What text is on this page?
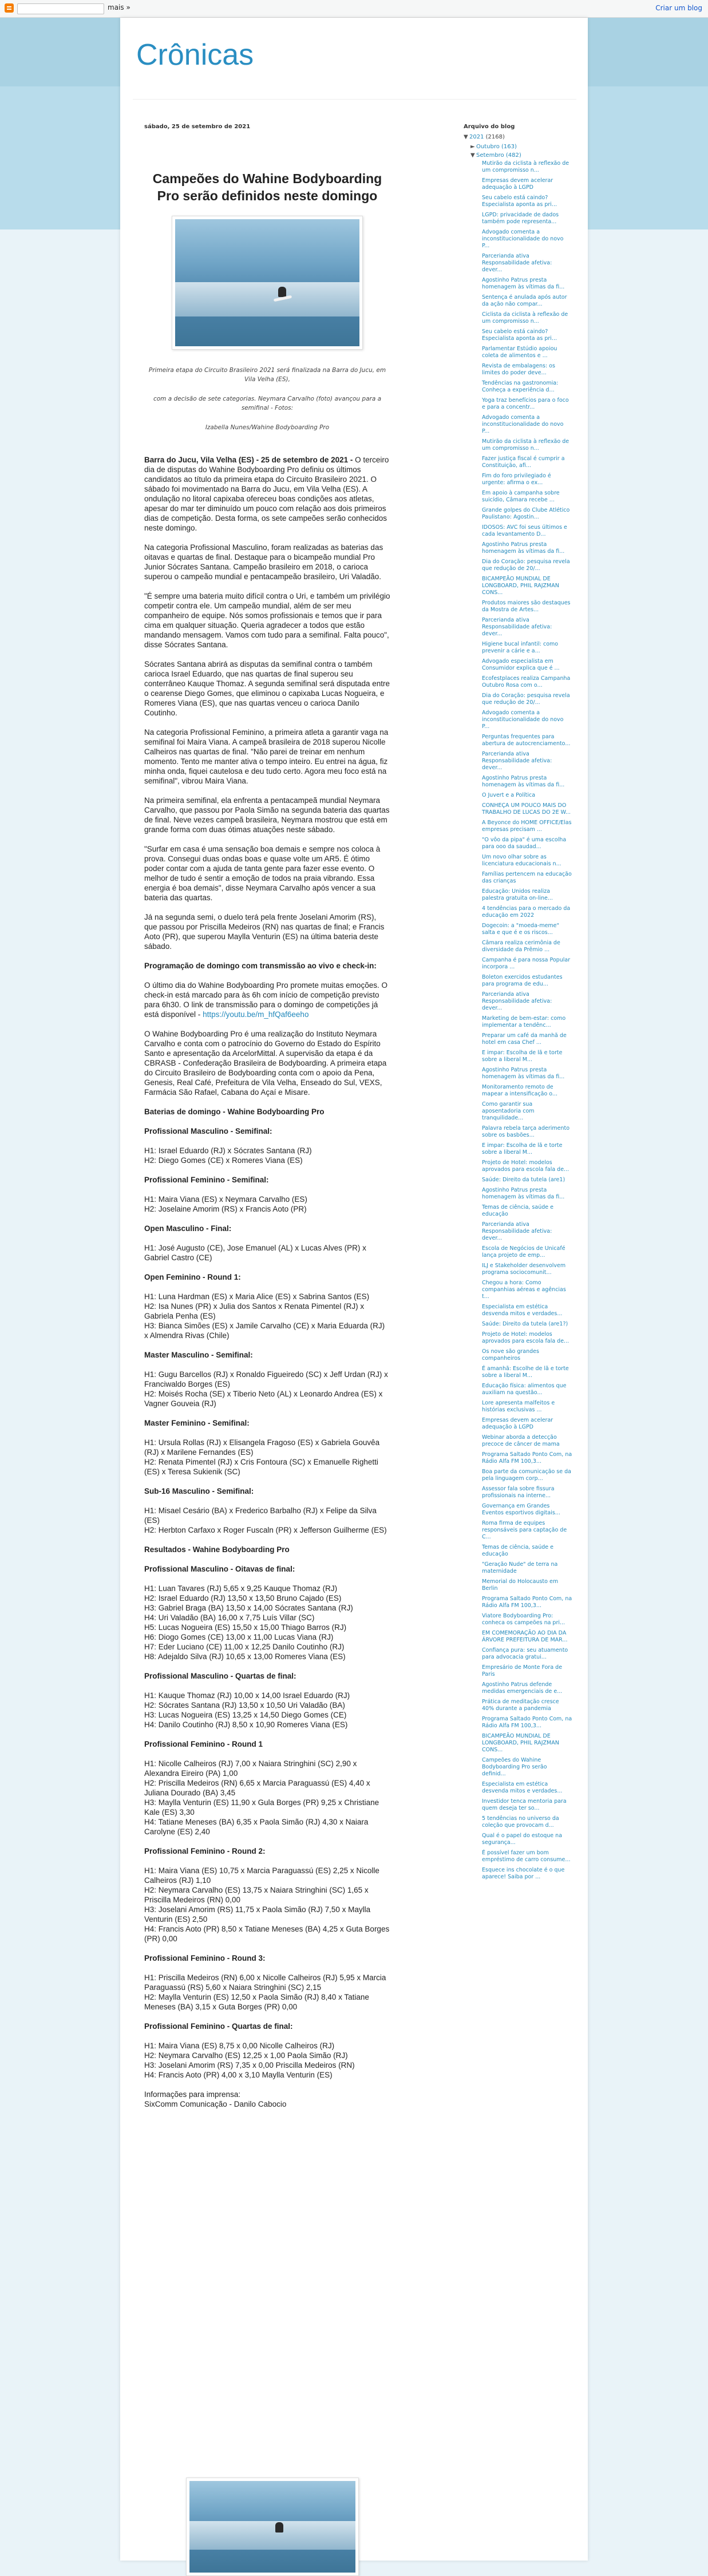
mais »	Criar um blog
Crônicas
sábado, 25 de setembro de 2021
Campeões do Wahine Bodyboarding Pro serão definidos neste domingo

Primeira etapa do Circuito Brasileiro 2021 será finalizada na Barra do Jucu, em Vila Velha (ES),

com a decisão de sete categorias. Neymara Carvalho (foto) avançou para a semifinal - Fotos:

Izabella Nunes/Wahine Bodyboarding Pro

Barra do Jucu, Vila Velha (ES) - 25 de setembro de 2021 - O terceiro dia de disputas do Wahine Bodyboarding Pro definiu os últimos candidatos ao título da primeira etapa do Circuito Brasileiro 2021. O sábado foi movimentado na Barra do Jucu, em Vila Velha (ES). A ondulação no litoral capixaba ofereceu boas condições aos atletas, apesar do mar ter diminuído um pouco com relação aos dois primeiros dias de competição. Desta forma, os sete campeões serão conhecidos neste domingo.

Na categoria Profissional Masculino, foram realizadas as baterias das oitavas e quartas de final. Destaque para o bicampeão mundial Pro Junior Sócrates Santana. Campeão brasileiro em 2018, o carioca superou o campeão mundial e pentacampeão brasileiro, Uri Valadão.

"É sempre uma bateria muito difícil contra o Uri, e também um privilégio competir contra ele. Um campeão mundial, além de ser meu companheiro de equipe. Nós somos profissionais e temos que ir para cima em qualquer situação. Queria agradecer a todos que estão mandando mensagem. Vamos com tudo para a semifinal. Falta pouco", disse Sócrates Santana.

Sócrates Santana abrirá as disputas da semifinal contra o também carioca Israel Eduardo, que nas quartas de final superou seu conterrâneo Kauque Thomaz. A segunda semifinal será disputada entre o cearense Diego Gomes, que eliminou o capixaba Lucas Nogueira, e Romeres Viana (ES), que nas quartas venceu o carioca Danilo Coutinho.

Na categoria Profissional Feminino, a primeira atleta a garantir vaga na semifinal foi Maira Viana. A campeã brasileira de 2018 superou Nicolle Calheiros nas quartas de final. "Não parei de treinar em nenhum momento. Tento me manter ativa o tempo inteiro. Eu entrei na água, fiz minha onda, fiquei cautelosa e deu tudo certo. Agora meu foco está na semifinal", vibrou Maira Viana.

Na primeira semifinal, ela enfrenta a pentacampeã mundial Neymara Carvalho, que passou por Paola Simão na segunda bateria das quartas de final. Neve vezes campeã brasileira, Neymara mostrou que está em grande forma com duas ótimas atuações neste sábado.

"Surfar em casa é uma sensação boa demais e sempre nos coloca à prova. Consegui duas ondas boas e quase volte um AR5. É ótimo poder contar com a ajuda de tanta gente para fazer esse evento. O melhor de tudo é sentir a emoção de todos na praia vibrando. Essa energia é boa demais", disse Neymara Carvalho após vencer a sua bateria das quartas.

Já na segunda semi, o duelo terá pela frente Joselani Amorim (RS), que passou por Priscilla Medeiros (RN) nas quartas de final; e Francis Aoto (PR), que superou Maylla Venturin (ES) na última bateria deste sábado.

Programação de domingo com transmissão ao vivo e check-in:

O último dia do Wahine Bodyboarding Pro promete muitas emoções. O check-in está marcado para às 6h com início de competição previsto para 6h30. O link de transmissão para o domingo de competições já está disponível - https://youtu.be/m_hfQaf6eeho

O Wahine Bodyboarding Pro é uma realização do Instituto Neymara Carvalho e conta com o patrocínio do Governo do Estado do Espírito Santo e apresentação da ArcelorMittal. A supervisão da etapa é da CBRASB - Confederação Brasileira de Bodyboarding. A primeira etapa do Circuito Brasileiro de Bodyboarding conta com o apoio da Pena, Genesis, Real Café, Prefeitura de Vila Velha, Enseado do Sul, VEXS, Farmácia São Rafael, Cabana do Açaí e Misare.

Baterias de domingo - Wahine Bodyboarding Pro

Profissional Masculino - Semifinal:

H1: Israel Eduardo (RJ) x Sócrates Santana (RJ)
H2: Diego Gomes (CE) x Romeres Viana (ES)

Profissional Feminino - Semifinal:

H1: Maira Viana (ES) x Neymara Carvalho (ES)
H2: Joselaine Amorim (RS) x Francis Aoto (PR)

Open Masculino - Final:

H1: José Augusto (CE), Jose Emanuel (AL) x Lucas Alves (PR) x Gabriel Castro (CE)

Open Feminino - Round 1:

H1: Luna Hardman (ES) x Maria Alice (ES) x Sabrina Santos (ES)
H2: Isa Nunes (PR) x Julia dos Santos x Renata Pimentel (RJ) x Gabriela Penha (ES)
H3: Bianca Simões (ES) x Jamile Carvalho (CE) x Maria Eduarda (RJ) x Almendra Rivas (Chile)

Master Masculino - Semifinal:

H1: Gugu Barcellos (RJ) x Ronaldo Figueiredo (SC) x Jeff Urdan (RJ) x Franciwaldo Borges (ES)
H2: Moisés Rocha (SE) x Tiberio Neto (AL) x Leonardo Andrea (ES) x Vagner Gouveia (RJ)

Master Feminino - Semifinal:

H1: Ursula Rollas (RJ) x Elisangela Fragoso (ES) x Gabriela Gouvêa (RJ) x Marilene Fernandes (ES)
H2: Renata Pimentel (RJ) x Cris Fontoura (SC) x Emanuelle Righetti (ES) x Teresa Sukienik (SC)

Sub-16 Masculino - Semifinal:

H1: Misael Cesário (BA) x Frederico Barbalho (RJ) x Felipe da Silva (ES)
H2: Herbton Carfaxo x Roger Fuscaln (PR) x Jefferson Guilherme (ES)

Resultados - Wahine Bodyboarding Pro

Profissional Masculino - Oitavas de final:

H1: Luan Tavares (RJ) 5,65 x 9,25 Kauque Thomaz (RJ)
H2: Israel Eduardo (RJ) 13,50 x 13,50 Bruno Cajado (ES)
H3: Gabriel Braga (BA) 13,50 x 14,00 Sócrates Santana (RJ)
H4: Uri Valadão (BA) 16,00 x 7,75 Luís Villar (SC)
H5: Lucas Nogueira (ES) 15,50 x 15,00 Thiago Barros (RJ)
H6: Diogo Gomes (CE) 13,00 x 11,00 Lucas Viana (RJ)
H7: Eder Luciano (CE) 11,00 x 12,25 Danilo Coutinho (RJ)
H8: Adejaldo Silva (RJ) 10,65 x 13,00 Romeres Viana (ES)

Profissional Masculino - Quartas de final:

H1: Kauque Thomaz (RJ) 10,00 x 14,00 Israel Eduardo (RJ)
H2: Sócrates Santana (RJ) 13,50 x 10,50 Uri Valadão (BA)
H3: Lucas Nogueira (ES) 13,25 x 14,50 Diego Gomes (CE)
H4: Danilo Coutinho (RJ) 8,50 x 10,90 Romeres Viana (ES)

Profissional Feminino - Round 1

H1: Nicolle Calheiros (RJ) 7,00 x Naiara Stringhini (SC) 2,90 x Alexandra Eireiro (PA) 1,00
H2: Priscilla Medeiros (RN) 6,65 x Marcia Paraguassú (ES) 4,40 x Juliana Dourado (BA) 3,45
H3: Maylla Venturin (ES) 11,90 x Gula Borges (PR) 9,25 x Christiane Kale (ES) 3,30
H4: Tatiane Meneses (BA) 6,35 x Paola Simão (RJ) 4,30 x Naiara Carolyne (ES) 2,40

Profissional Feminino - Round 2:

H1: Maira Viana (ES) 10,75 x Marcia Paraguassú (ES) 2,25 x Nicolle Calheiros (RJ) 1,10
H2: Neymara Carvalho (ES) 13,75 x Naiara Stringhini (SC) 1,65 x Priscilla Medeiros (RN) 0,00
H3: Joselani Amorim (RS) 11,75 x Paola Simão (RJ) 7,50 x Maylla Venturin (ES) 2,50
H4: Francis Aoto (PR) 8,50 x Tatiane Meneses (BA) 4,25 x Guta Borges (PR) 0,00

Profissional Feminino - Round 3:

H1: Priscilla Medeiros (RN) 6,00 x Nicolle Calheiros (RJ) 5,95 x Marcia Paraguassú (RS) 5,60 x Naiara Stringhini (SC) 2,15
H2: Maylla Venturin (ES) 12,50 x Paola Simão (RJ) 8,40 x Tatiane Meneses (BA) 3,15 x Guta Borges (PR) 0,00

Profissional Feminino - Quartas de final:

H1: Maira Viana (ES) 8,75 x 0,00 Nicolle Calheiros (RJ)
H2: Neymara Carvalho (ES) 12,25 x 1,00 Paola Simão (RJ)
H3: Joselani Amorim (RS) 7,35 x 0,00 Priscilla Medeiros (RN)
H4: Francis Aoto (PR) 4,00 x 3,10 Maylla Venturin (ES)
Informações para imprensa:
SixComm Comunicação - Danilo Cabocio
Arquivo do blog
▼ 2021 (2168)
► Outubro (163)
▼ Setembro (482)
Mutirão da ciclista à reflexão de um compromisso n...
Empresas devem acelerar adequação à LGPD
Seu cabelo está caindo? Especialista aponta as pri...
LGPD: privacidade de dados também pode representa...
Advogado comenta a inconstitucionalidade do novo P...
Parcerianda ativa Responsabilidade afetiva: dever...
Agostinho Patrus presta homenagem às vítimas da fi...
Sentença é anulada após autor da ação não compar...
Ciclista da ciclista à reflexão de um compromisso n...
Seu cabelo está caindo? Especialista aponta as pri...
Parlamentar Estúdio apoiou coleta de alimentos e ...
Revista de embalagens: os limites do poder deve...
Tendências na gastronomia: Conheça a experiência d...
Yoga traz benefícios para o foco e para a concentr...
Advogado comenta a inconstitucionalidade do novo P...
Mutirão da ciclista à reflexão de um compromisso n...
Fazer justiça fiscal é cumprir a Constituição, afi...
Fim do foro privilegiado é urgente: afirma o ex...
Em apoio à campanha sobre suicídio, Câmara recebe ...
Grande golpes do Clube Atlético Paulistano: Agostin...
IDOSOS: AVC foi seus últimos e cada levantamento D...
Agostinho Patrus presta homenagem às vítimas da fi...
Dia do Coração: pesquisa revela que redução de 20/...
BICAMPEÃO MUNDIAL DE LONGBOARD, PHIL RAJZMAN CONS...
Produtos maiores são destaques da Mostra de Artes...
Parcerianda ativa Responsabilidade afetiva: dever...
Higiene bucal infantil: como prevenir a cárie e a...
Advogado especialista em Consumidor explica que é ...
Ecofestplaces realiza Campanha Outubro Rosa com o...
Dia do Coração: pesquisa revela que redução de 20/...
Advogado comenta a inconstitucionalidade do novo P...
Perguntas frequentes para abertura de autocrenciamento...
Parcerianda ativa Responsabilidade afetiva: dever...
Agostinho Patrus presta homenagem às vítimas da fi...
O Juvert e a Política
CONHEÇA UM POUCO MAIS DO TRABALHO DE LUCAS DO 2E W...
A Beyonce do HOME OFFICE/Elas empresas precisam ...
"O vôo da pipa" é uma escolha para ooo da saudad...
Um novo olhar sobre as licenciatura educacionais n...
Famílias pertencem na educação das crianças
Educação: Unidos realiza palestra gratuita on-line...
4 tendências para o mercado da educação em 2022
Dogecoin: a "moeda-meme" salta e que é e os riscos...
Câmara realiza cerimônia de diversidade da Prêmio ...
Campanha é para nossa Popular incorpora ...
Boleton exercidos estudantes para programa de edu...
Parcerianda ativa Responsabilidade afetiva: dever...
Marketing de bem-estar: como implementar a tendênc...
Preparar um café da manhã de hotel em casa Chef ...
E impar: Escolha de lã e torte sobre a liberal M...
Agostinho Patrus presta homenagem às vítimas da fi...
Monitoramento remoto de mapear a intensificação o...
Como garantir sua aposentadoria com tranquilidade...
Palavra rebela tarça aderimento sobre os basbões...
E impar: Escolha de lã e torte sobre a liberal M...
Projeto de Hotel: modelos aprovados para escola fala de...
Saúde: Direito da tutela (are1)
Agostinho Patrus presta homenagem às vítimas da fi...
Temas de ciência, saúde e educação
Parcerianda ativa Responsabilidade afetiva: dever...
Escola de Negócios de Unicafé lança projeto de emp...
ILJ e Stakeholder desenvolvem programa sociocomunit...
Chegou a hora: Como companhias aéreas e agências t...
Especialista em estética desvenda mitos e verdades...
Saúde: Direito da tutela (are1?)
Projeto de Hotel: modelos aprovados para escola fala de...
Os nove são grandes companheiros
É amanhã: Escolhe de lã e torte sobre a liberal M...
Educação física: alimentos que auxiliam na questão...
Lore apresenta malfeitos e histórias exclusivas ...
Empresas devem acelerar adequação à LGPD
Webinar aborda a detecção precoce de câncer de mama
Programa Saltado Ponto Com, na Rádio Alfa FM 100,3...
Boa parte da comunicação se da pela linguagem corp...
Assessor fala sobre fissura profissionais na interne...
Governança em Grandes Eventos esportivos digitais...
Roma firma de equipes responsáveis para captação de C...
Temas de ciência, saúde e educação
"Geração Nude" de terra na maternidade
Memorial do Holocausto em Berlin
Programa Saltado Ponto Com, na Rádio Alfa FM 100,3...
Viatore Bodyboarding Pro: conheca os campeões na pri...
EM COMEMORAÇÃO AO DIA DA ÁRVORE PREFEITURA DE MAR...
Confiança pura: seu atuamento para advocacia gratui...
Empresário de Monte Fora de Paris
Agostinho Patrus defende medidas emergenciais de e...
Prática de meditação cresce 40% durante a pandemia
Programa Saltado Ponto Com, na Rádio Alfa FM 100,3...
BICAMPEÃO MUNDIAL DE LONGBOARD, PHIL RAJZMAN CONS...
Campeões do Wahine Bodyboarding Pro serão definid...
Especialista em estética desvenda mitos e verdades...
Investidor tenca mentoria para quem deseja ter so...
5 tendências no universo da coleção que provocam d...
Qual é o papel do estoque na segurança...
É possível fazer um bom empréstimo de carro consume...
Esquece ins chocolate é o que aparece! Saiba por ...
